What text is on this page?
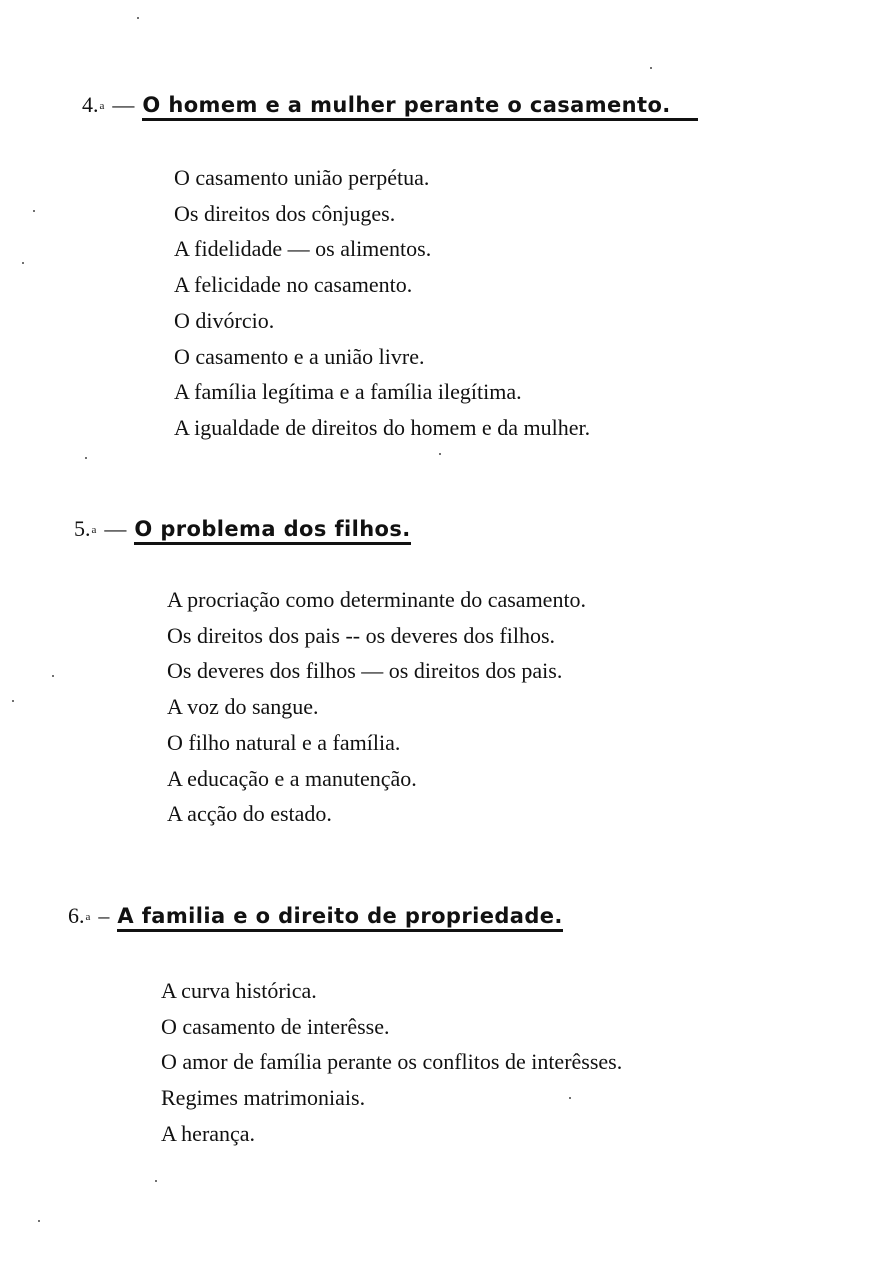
4.$^a$ — O homem e a mulher perante o casamento.
O casamento união perpétua.
Os direitos dos cônjuges.
A fidelidade — os alimentos.
A felicidade no casamento.
O divórcio.
O casamento e a união livre.
A família legítima e a família ilegítima.
A igualdade de direitos do homem e da mulher.
5.$^a$ — O problema dos filhos.
A procriação como determinante do casamento.
Os direitos dos pais -- os deveres dos filhos.
Os deveres dos filhos — os direitos dos pais.
A voz do sangue.
O filho natural e a família.
A educação e a manutenção.
A acção do estado.
6.$^a$ – A familia e o direito de propriedade.
A curva histórica.
O casamento de interêsse.
O amor de família perante os conflitos de interêsses.
Regimes matrimoniais.
A herança.
